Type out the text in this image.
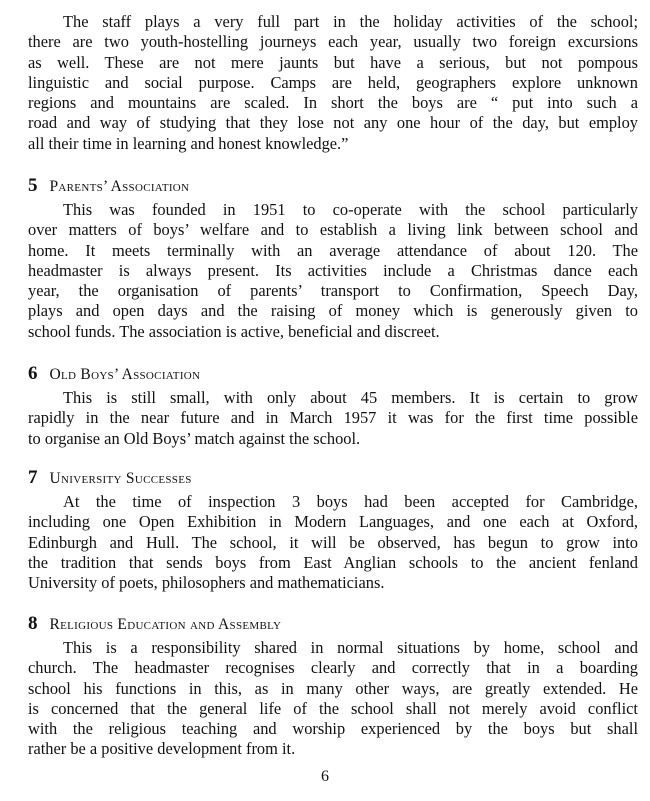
The staff plays a very full part in the holiday activities of the school;
there are two youth-hostelling journeys each year, usually two foreign excursions
as well. These are not mere jaunts but have a serious, but not pompous
linguistic and social purpose. Camps are held, geographers explore unknown
regions and mountains are scaled. In short the boys are “ put into such a
road and way of studying that they lose not any one hour of the day, but employ
all their time in learning and honest knowledge.”
5 Parents’ Association
This was founded in 1951 to co-operate with the school particularly
over matters of boys’ welfare and to establish a living link between school and
home. It meets terminally with an average attendance of about 120. The
headmaster is always present. Its activities include a Christmas dance each
year, the organisation of parents’ transport to Confirmation, Speech Day,
plays and open days and the raising of money which is generously given to
school funds. The association is active, beneficial and discreet.
6 Old Boys’ Association
This is still small, with only about 45 members. It is certain to grow
rapidly in the near future and in March 1957 it was for the first time possible
to organise an Old Boys’ match against the school.
7 University Successes
At the time of inspection 3 boys had been accepted for Cambridge,
including one Open Exhibition in Modern Languages, and one each at Oxford,
Edinburgh and Hull. The school, it will be observed, has begun to grow into
the tradition that sends boys from East Anglian schools to the ancient fenland
University of poets, philosophers and mathematicians.
8 Religious Education and Assembly
This is a responsibility shared in normal situations by home, school and
church. The headmaster recognises clearly and correctly that in a boarding
school his functions in this, as in many other ways, are greatly extended. He
is concerned that the general life of the school shall not merely avoid conflict
with the religious teaching and worship experienced by the boys but shall
rather be a positive development from it.
6
